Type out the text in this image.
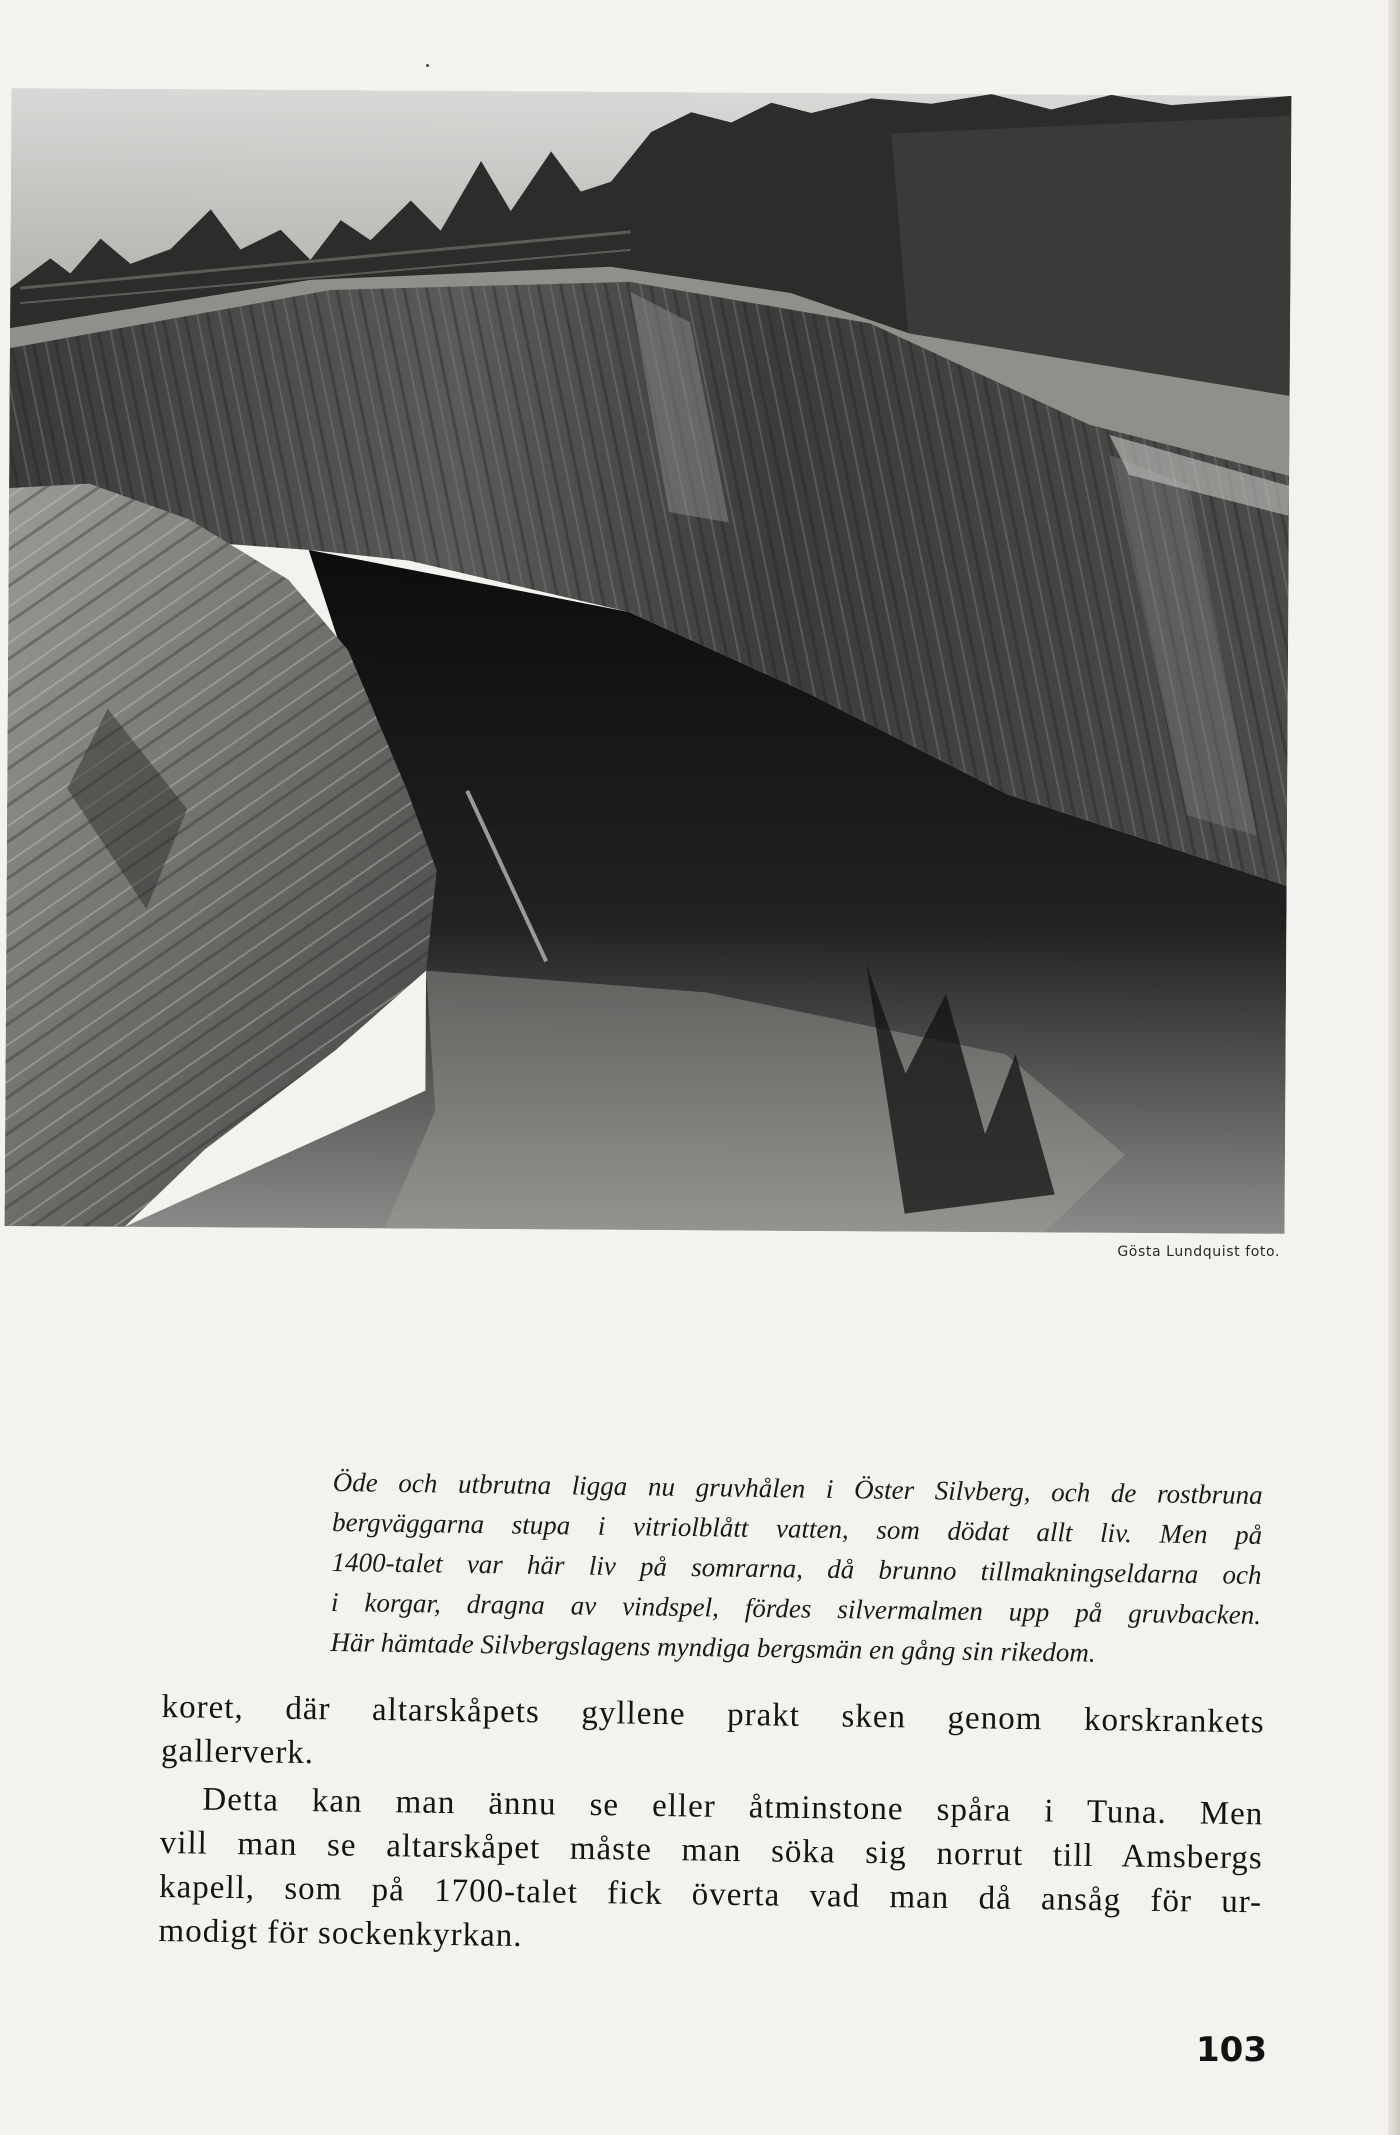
Gösta Lundquist foto.
Öde och utbrutna ligga nu gruvhålen i Öster Silvberg, och de rostbruna
bergväggarna stupa i vitriolblått vatten, som dödat allt liv. Men på
1400-talet var här liv på somrarna, då brunno tillmakningseldarna och
i korgar, dragna av vindspel, fördes silvermalmen upp på gruvbacken.
Här hämtade Silvbergslagens myndiga bergsmän en gång sin rikedom.
koret, där altarskåpets gyllene prakt sken genom korskrankets
gallerverk.
Detta kan man ännu se eller åtminstone spåra i Tuna. Men
vill man se altarskåpet måste man söka sig norrut till Amsbergs
kapell, som på 1700-talet fick överta vad man då ansåg för ur-
modigt för sockenkyrkan.
103
